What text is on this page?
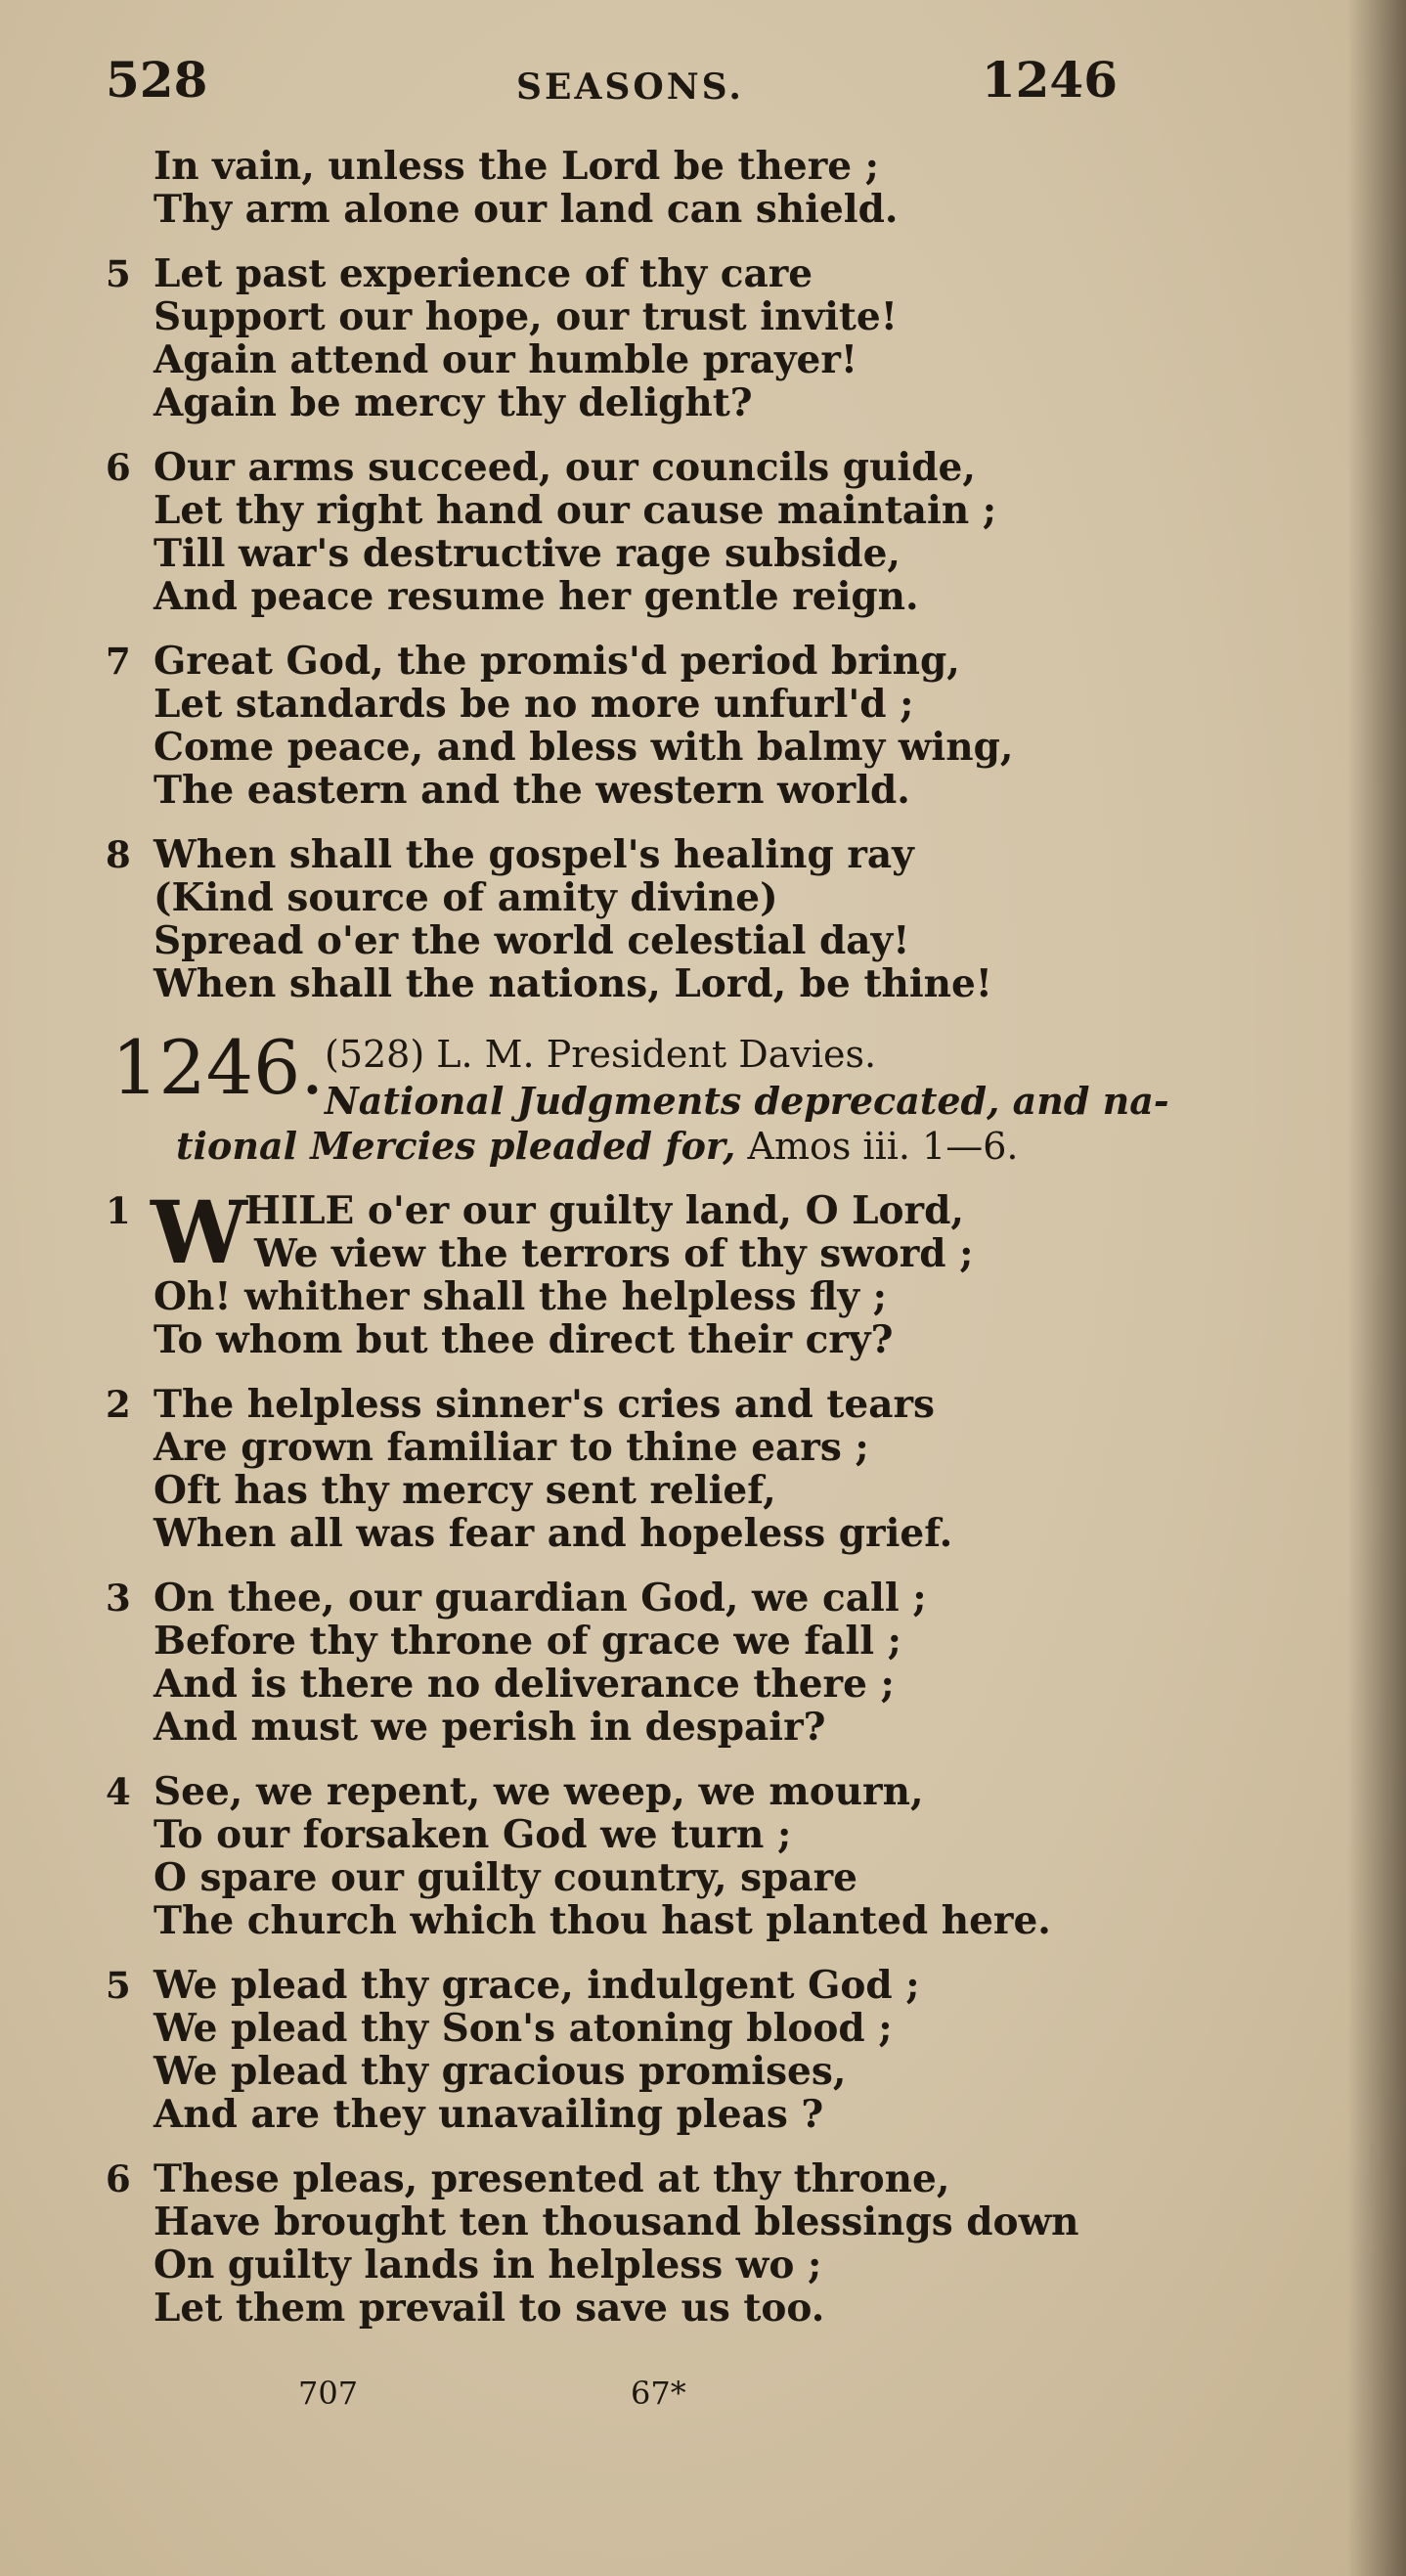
528	SEASONS.	1246
In vain, unless the Lord be there ;
Thy arm alone our land can shield.
5 Let past experience of thy care
Support our hope, our trust invite!
Again attend our humble prayer!
Again be mercy thy delight?
6 Our arms succeed, our councils guide,
Let thy right hand our cause maintain ;
Till war's destructive rage subside,
And peace resume her gentle reign.
7 Great God, the promis'd period bring,
Let standards be no more unfurl'd ;
Come peace, and bless with balmy wing,
The eastern and the western world.
8 When shall the gospel's healing ray
(Kind source of amity divine)
Spread o'er the world celestial day!
When shall the nations, Lord, be thine!
1246. (528) L. M. President Davies.
National Judgments deprecated, and na-
tional Mercies pleaded for, Amos iii. 1—6.
1 W
HILE o'er our guilty land, O Lord,
We view the terrors of thy sword ;
Oh! whither shall the helpless fly ;
To whom but thee direct their cry?
2 The helpless sinner's cries and tears
Are grown familiar to thine ears ;
Oft has thy mercy sent relief,
When all was fear and hopeless grief.
3 On thee, our guardian God, we call ;
Before thy throne of grace we fall ;
And is there no deliverance there ;
And must we perish in despair?
4 See, we repent, we weep, we mourn,
To our forsaken God we turn ;
O spare our guilty country, spare
The church which thou hast planted here.
5 We plead thy grace, indulgent God ;
We plead thy Son's atoning blood ;
We plead thy gracious promises,
And are they unavailing pleas ?
6 These pleas, presented at thy throne,
Have brought ten thousand blessings down
On guilty lands in helpless wo ;
Let them prevail to save us too.
707	67*
